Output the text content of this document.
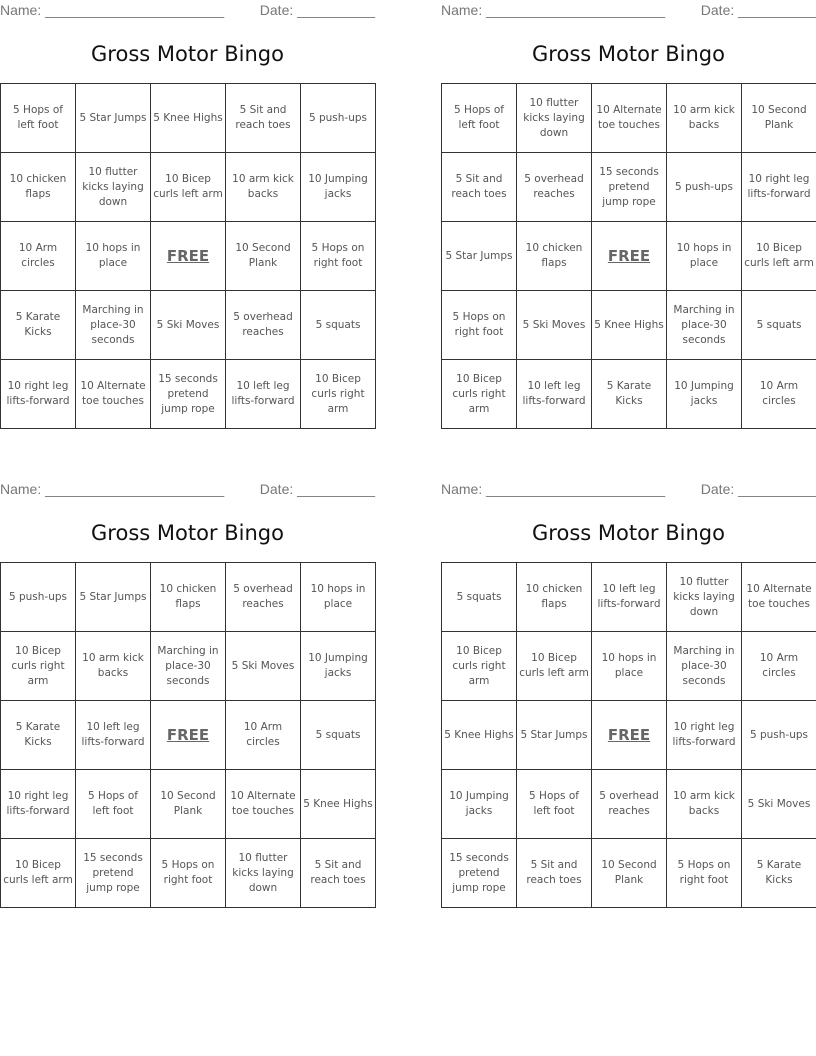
Name: _______________________	Date: __________
Gross Motor Bingo
5 Hops of left foot	5 Star Jumps	5 Knee Highs	5 Sit and reach toes	5 push-ups
10 chicken flaps	10 flutter kicks laying down	10 Bicep curls left arm	10 arm kick backs	10 Jumping jacks
10 Arm circles	10 hops in place	FREE	10 Second Plank	5 Hops on right foot
5 Karate Kicks	Marching in place-30 seconds	5 Ski Moves	5 overhead reaches	5 squats
10 right leg lifts-forward	10 Alternate toe touches	15 seconds pretend jump rope	10 left leg lifts-forward	10 Bicep curls right arm
Name: _______________________	Date: __________
Gross Motor Bingo
5 Hops of left foot	10 flutter kicks laying down	10 Alternate toe touches	10 arm kick backs	10 Second Plank
5 Sit and reach toes	5 overhead reaches	15 seconds pretend jump rope	5 push-ups	10 right leg lifts-forward
5 Star Jumps	10 chicken flaps	FREE	10 hops in place	10 Bicep curls left arm
5 Hops on right foot	5 Ski Moves	5 Knee Highs	Marching in place-30 seconds	5 squats
10 Bicep curls right arm	10 left leg lifts-forward	5 Karate Kicks	10 Jumping jacks	10 Arm circles
Name: _______________________	Date: __________
Gross Motor Bingo
5 push-ups	5 Star Jumps	10 chicken flaps	5 overhead reaches	10 hops in place
10 Bicep curls right arm	10 arm kick backs	Marching in place-30 seconds	5 Ski Moves	10 Jumping jacks
5 Karate Kicks	10 left leg lifts-forward	FREE	10 Arm circles	5 squats
10 right leg lifts-forward	5 Hops of left foot	10 Second Plank	10 Alternate toe touches	5 Knee Highs
10 Bicep curls left arm	15 seconds pretend jump rope	5 Hops on right foot	10 flutter kicks laying down	5 Sit and reach toes
Name: _______________________	Date: __________
Gross Motor Bingo
5 squats	10 chicken flaps	10 left leg lifts-forward	10 flutter kicks laying down	10 Alternate toe touches
10 Bicep curls right arm	10 Bicep curls left arm	10 hops in place	Marching in place-30 seconds	10 Arm circles
5 Knee Highs	5 Star Jumps	FREE	10 right leg lifts-forward	5 push-ups
10 Jumping jacks	5 Hops of left foot	5 overhead reaches	10 arm kick backs	5 Ski Moves
15 seconds pretend jump rope	5 Sit and reach toes	10 Second Plank	5 Hops on right foot	5 Karate Kicks
